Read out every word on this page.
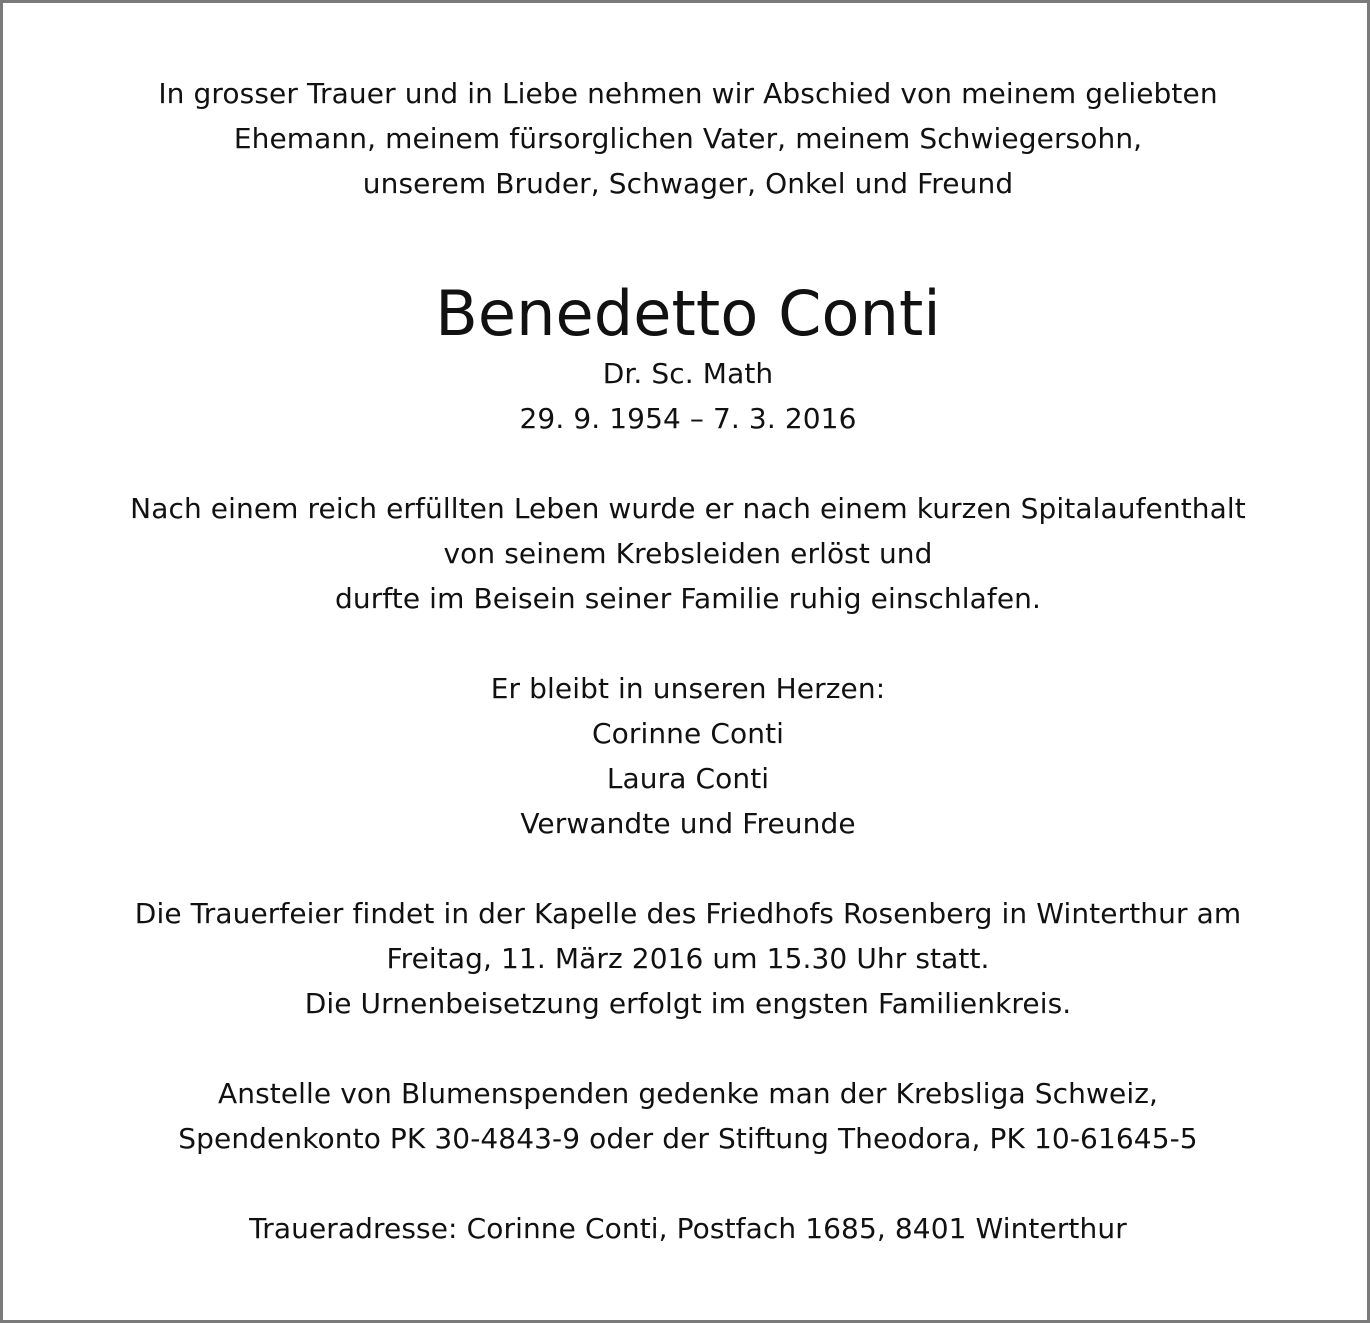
In grosser Trauer und in Liebe nehmen wir Abschied von meinem geliebten
Ehemann, meinem fürsorglichen Vater, meinem Schwiegersohn,
unserem Bruder, Schwager, Onkel und Freund
Benedetto Conti
Dr. Sc. Math
29. 9. 1954 – 7. 3. 2016
Nach einem reich erfüllten Leben wurde er nach einem kurzen Spitalaufenthalt
von seinem Krebsleiden erlöst und
durfte im Beisein seiner Familie ruhig einschlafen.
Er bleibt in unseren Herzen:
Corinne Conti
Laura Conti
Verwandte und Freunde
Die Trauerfeier findet in der Kapelle des Friedhofs Rosenberg in Winterthur am
Freitag, 11. März 2016 um 15.30 Uhr statt.
Die Urnenbeisetzung erfolgt im engsten Familienkreis.
Anstelle von Blumenspenden gedenke man der Krebsliga Schweiz,
Spendenkonto PK 30-4843-9 oder der Stiftung Theodora, PK 10-61645-5
Traueradresse: Corinne Conti, Postfach 1685, 8401 Winterthur
